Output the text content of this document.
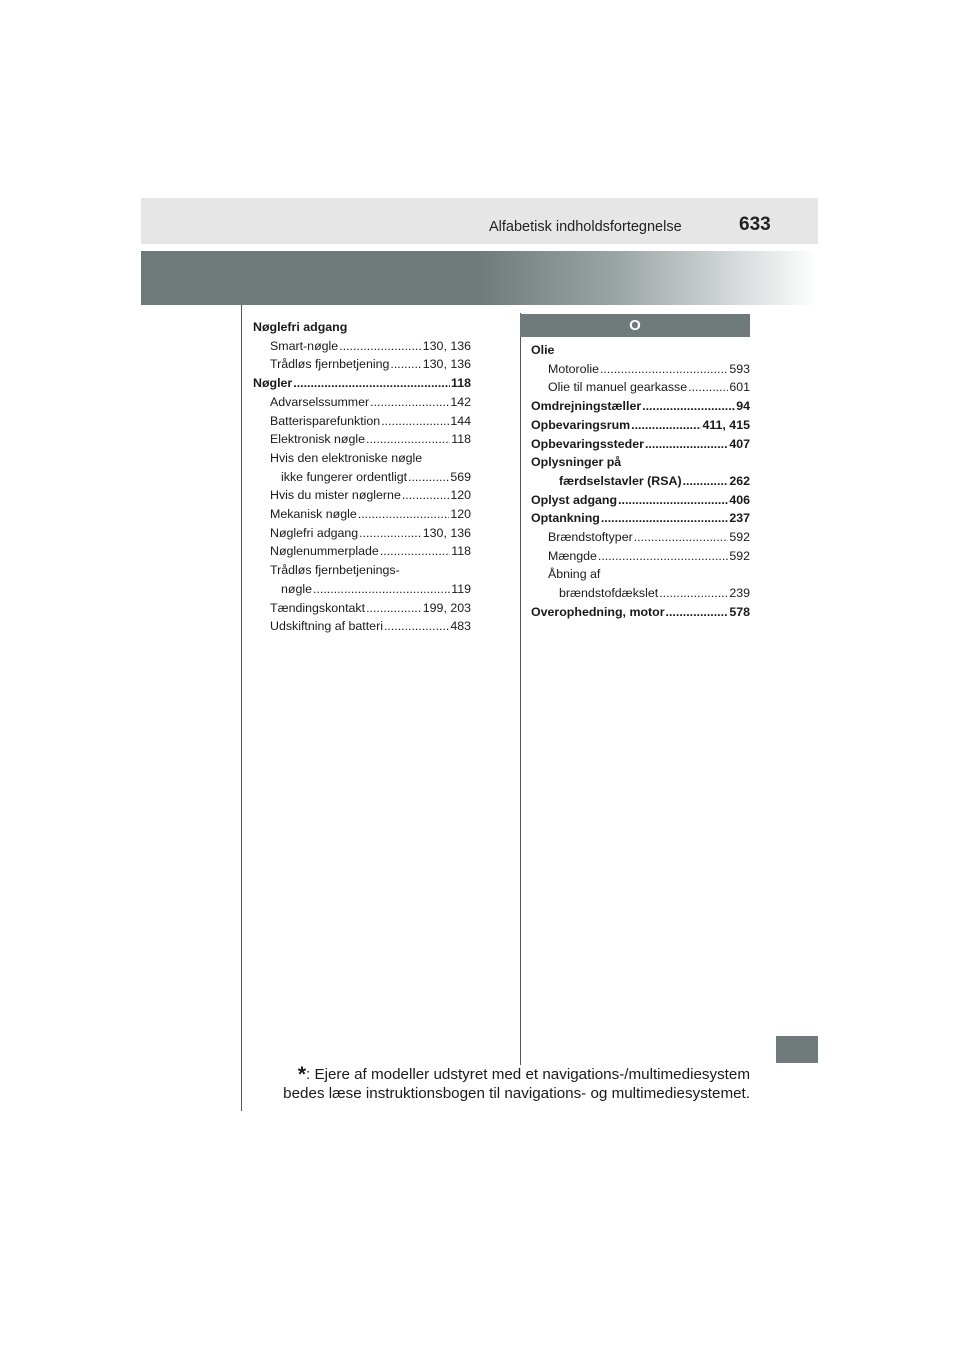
Alfabetisk indholdsfortegnelse	633
Nøglefri adgang
Smart-nøgle .....	130, 136
Trådløs fjernbetjening .....	130, 136
Nøgler .....	118
Advarselssummer .....	142
Batterisparefunktion .....	144
Elektronisk nøgle .....	118
Hvis den elektroniske nøgle
ikke fungerer ordentligt .....	569
Hvis du mister nøglerne .....	120
Mekanisk nøgle .....	120
Nøglefri adgang .....	130, 136
Nøglenummerplade .....	118
Trådløs fjernbetjenings-
nøgle .....	119
Tændingskontakt .....	199, 203
Udskiftning af batteri .....	483
O
Olie
Motorolie .....	593
Olie til manuel gearkasse .....	601
Omdrejningstæller .....	94
Opbevaringsrum .....	411, 415
Opbevaringssteder .....	407
Oplysninger på
færdselstavler (RSA) .....	262
Oplyst adgang .....	406
Optankning .....	237
Brændstoftyper .....	592
Mængde .....	592
Åbning af
brændstofdækslet .....	239
Overophedning, motor .....	578
*: Ejere af modeller udstyret med et navigations-/multimediesystem
bedes læse instruktionsbogen til navigations- og multimediesystemet.
